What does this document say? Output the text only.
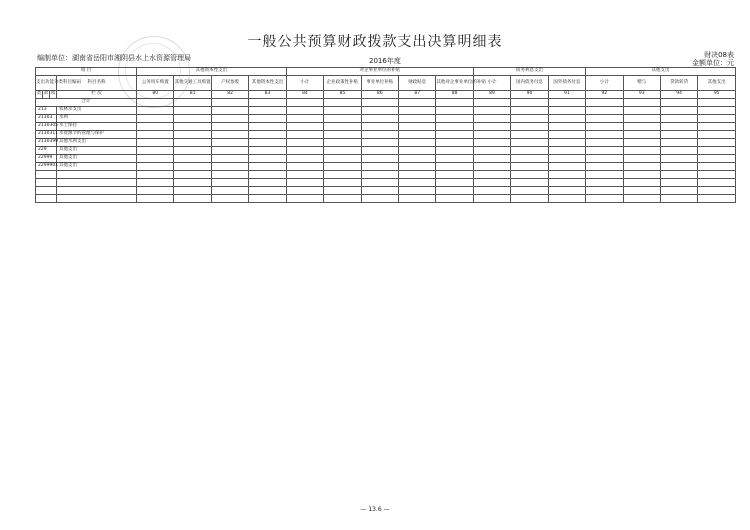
一般公共预算财政拨款支出决算明细表
编制单位：湖南省岳阳市湘阴县水上水资源管理局	2016年度
财决08表
金额单位：元
项 目				其他资本性支出				对企事业单位的补贴					债务利息支出			其他支出			
支出功能分类科目编码			科目名称	公务用车购置	其他交通工具购置	产权参股	其他资本性支出	小计	企业政策性补贴	事业单位补贴	财政贴息	其他对企事业单位的补贴	小计	国内债务付息	国外债务付息	小计	赠与	贷款转贷	其他支出

类	款	项	栏 次	80	81	82	83	84	85	86	87	88	89	90	91	92	93	94	95
合计																			
213			农林水支出																
21303			水利																
2130305			水土保持																
2130311			水资源节约管理与保护																
2130399			其他水利支出																
229			其他支出																
22999			其他支出																
2299901			其他支出																

— 13.6 —
